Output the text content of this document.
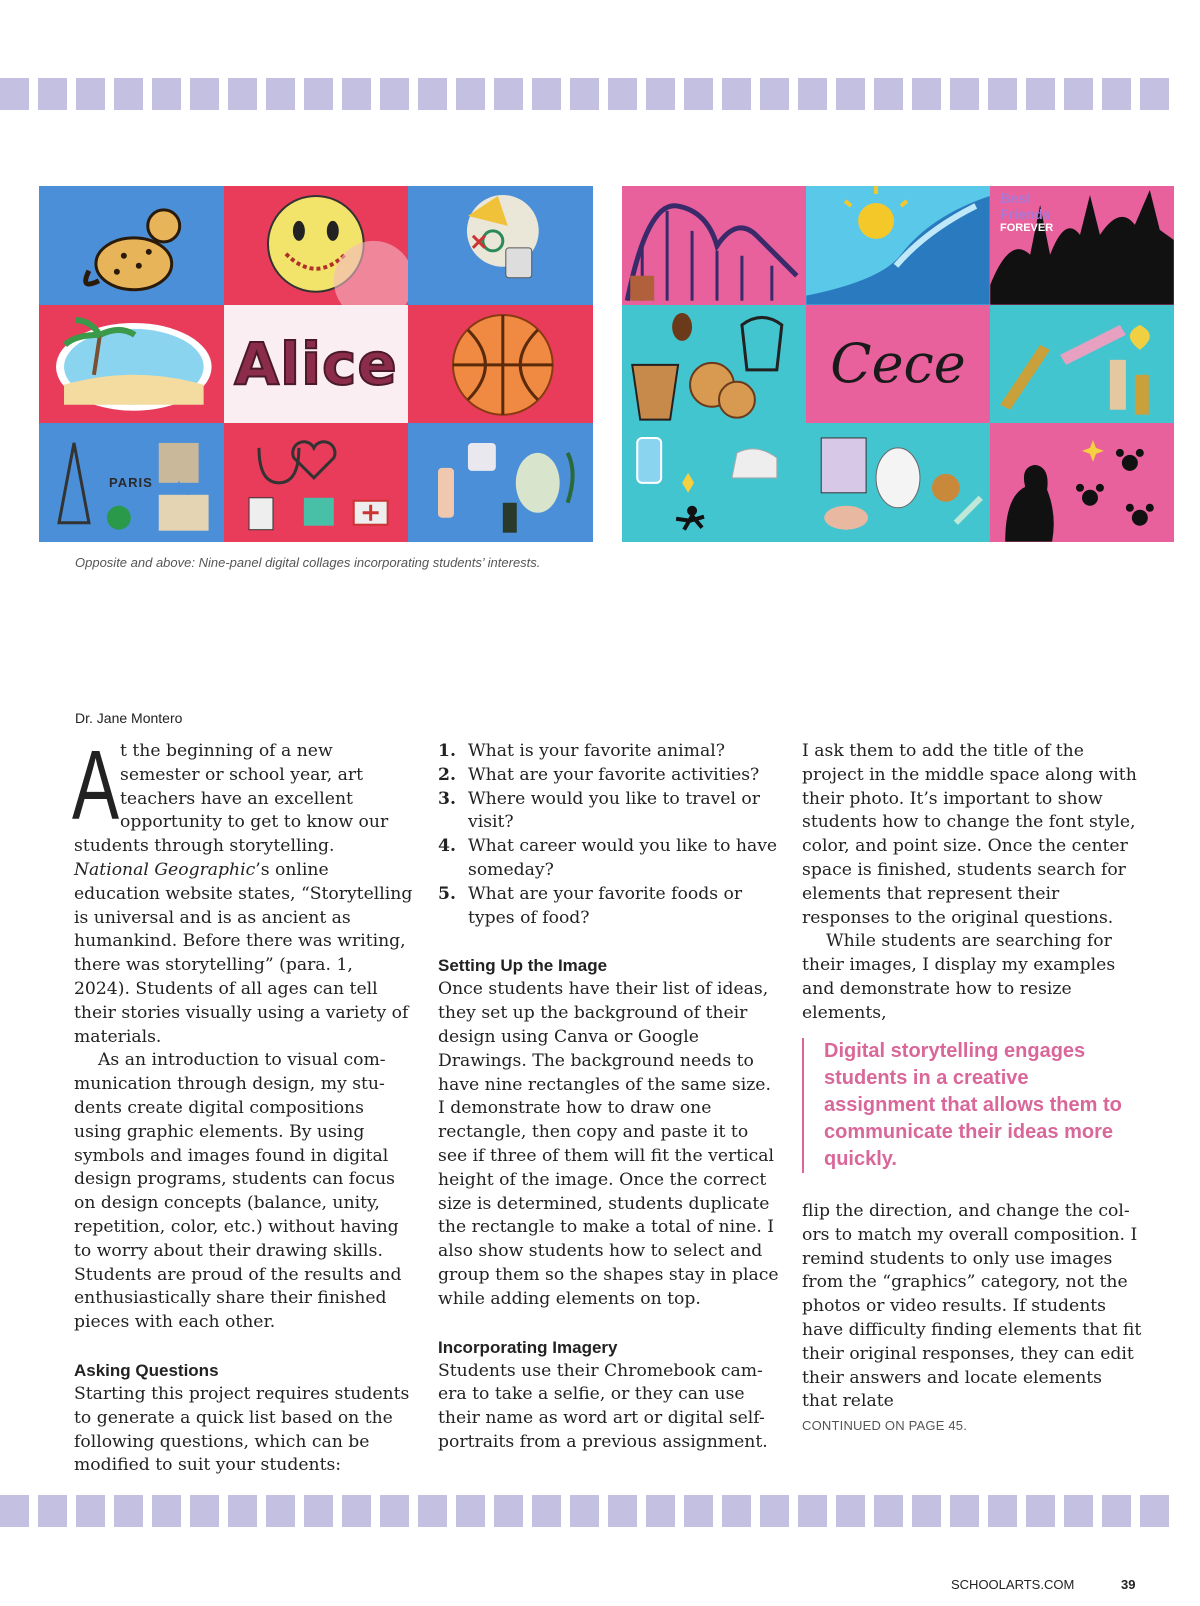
Alice
PARIS
Best
Friends
FOREVER
Cece
Opposite and above: Nine-panel digital collages incorporating students’ interests.
Dr. Jane Montero

At the beginning of a new semester or school year, art teachers have an excellent opportunity to get to know our students through storytelling. National Geographic’s online education website states, “Storytelling is universal and is as ancient as humankind. Before there was writing, there was storytelling” (para. 1, 2024). Students of all ages can tell their stories visually using a variety of materials.

As an introduction to visual communication through design, my students create digital compositions using graphic elements. By using symbols and images found in digital design programs, students can focus on design concepts (balance, unity, repetition, color, etc.) without having to worry about their drawing skills. Students are proud of the results and enthusiastically share their finished pieces with each other.

Asking Questions

Starting this project requires students to generate a quick list based on the following questions, which can be modified to suit your students:

1. What is your favorite animal?
2. What are your favorite activities?
3. Where would you like to travel or visit?
4. What career would you like to have someday?
5. What are your favorite foods or types of food?
Setting Up the Image

Once students have their list of ideas, they set up the background of their design using Canva or Google Drawings. The background needs to have nine rectangles of the same size. I demonstrate how to draw one rectangle, then copy and paste it to see if three of them will fit the vertical height of the image. Once the correct size is determined, students duplicate the rectangle to make a total of nine. I also show students how to select and group them so the shapes stay in place while adding elements on top.

Incorporating Imagery

Students use their Chromebook camera to take a selfie, or they can use their name as word art or digital self-portraits from a previous assignment.

I ask them to add the title of the project in the middle space along with their photo. It’s important to show students how to change the font style, color, and point size. Once the center space is finished, students search for elements that represent their responses to the original questions.

While students are searching for their images, I display my examples and demonstrate how to resize elements,

Digital storytelling engages students in a creative assignment that allows them to communicate their ideas more quickly.

flip the direction, and change the colors to match my overall composition. I remind students to only use images from the “graphics” category, not the photos or video results. If students have difficulty finding elements that fit their original responses, they can edit their answers and locate elements that relate

CONTINUED ON PAGE 45.
SCHOOLARTS.COM	39
